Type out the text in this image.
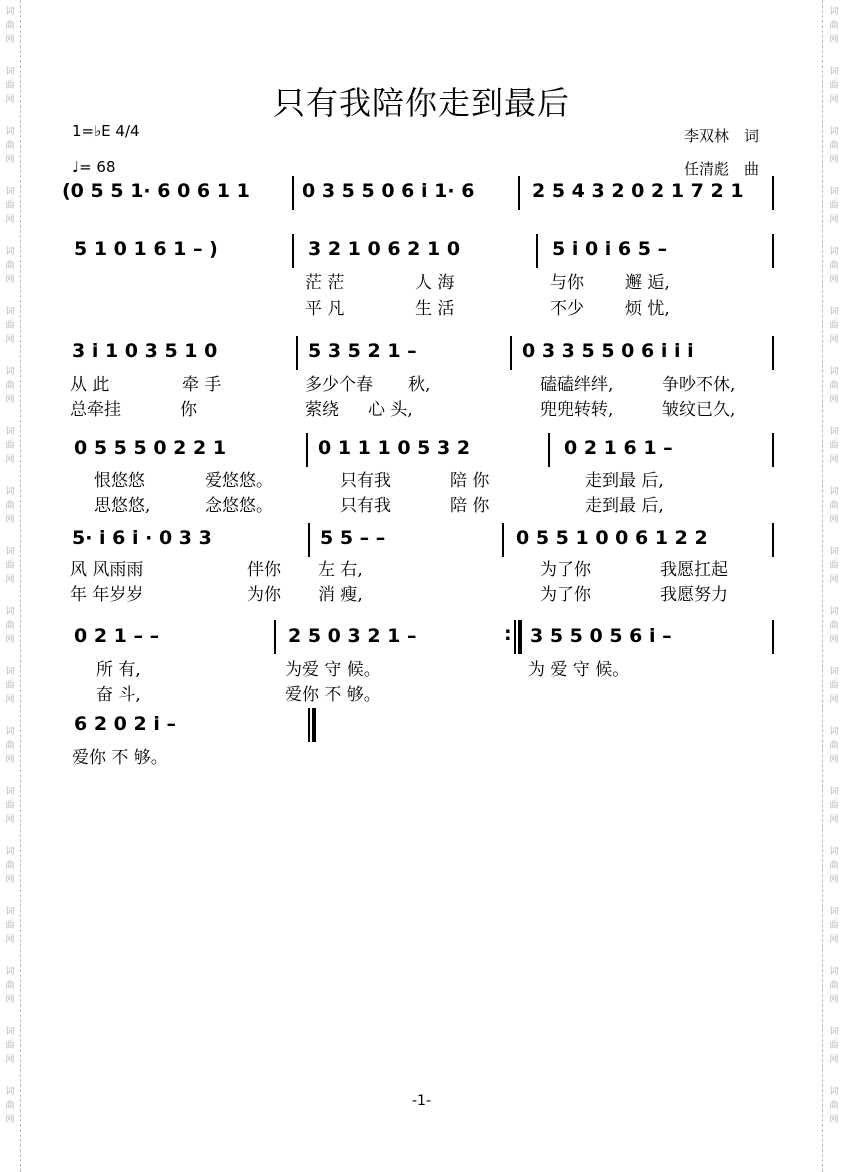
词
曲
网
词
曲
网
词
曲
网
词
曲
网
词
曲
网
词
曲
网
词
曲
网
词
曲
网
词
曲
网
词
曲
网
词
曲
网
词
曲
网
词
曲
网
词
曲
网
词
曲
网
词
曲
网
词
曲
网
词
曲
网
词
曲
网
词
曲
网
词
曲
网
词
曲
网
词
曲
网
词
曲
网
词
曲
网
词
曲
网
词
曲
网
词
曲
网
词
曲
网
词
曲
网
词
曲
网
词
曲
网
词
曲
网
词
曲
网
词
曲
网
词
曲
网
词
曲
网
词
曲
网
只有我陪你走到最后
1=♭E 4/4
♩= 68
李双林　词
任清彪　曲
(0 5 5 1· 6 0 6 1 1	0 3 5 5 0 6 i 1· 6	2 5 4 3 2 0 2 1 7 2 1
5 1 0 1 6 1 – )	3 2 1 0 6 2 1 0	5 i 0 i 6 5 –
茫 茫	人 海	与你 邂 逅,
平 凡	生 活	不少 烦 忧,
3 i 1 0 3 5 1 0	5 3 5 2 1 –	0 3 3 5 5 0 6 i i i
从 此	牵 手	多少个春 秋,	磕磕绊绊,	争吵不休,
总牵挂	你	萦绕 心 头,	兜兜转转,	皱纹已久,
0 5 5 5 0 2 2 1	0 1 1 1 0 5 3 2	0 2 1 6 1 –
恨悠悠	爱悠悠。	只有我	陪 你	走到最 后,
思悠悠,	念悠悠。	只有我	陪 你	走到最 后,
5· i 6 i · 0 3 3	5 5 – –	0 5 5 1 0 0 6 1 2 2
风 风雨雨	伴你 左 右,	为了你	我愿扛起
年 年岁岁	为你 消 瘦,	为了你	我愿努力
0 2 1 – –	2 5 0 3 2 1 –	: 3 5 5 0 5 6 i –
所 有,	为爱 守 候。	为 爱 守 候。
奋 斗,	爱你 不 够。
6 2 0 2 i –
爱你 不 够。
-1-
